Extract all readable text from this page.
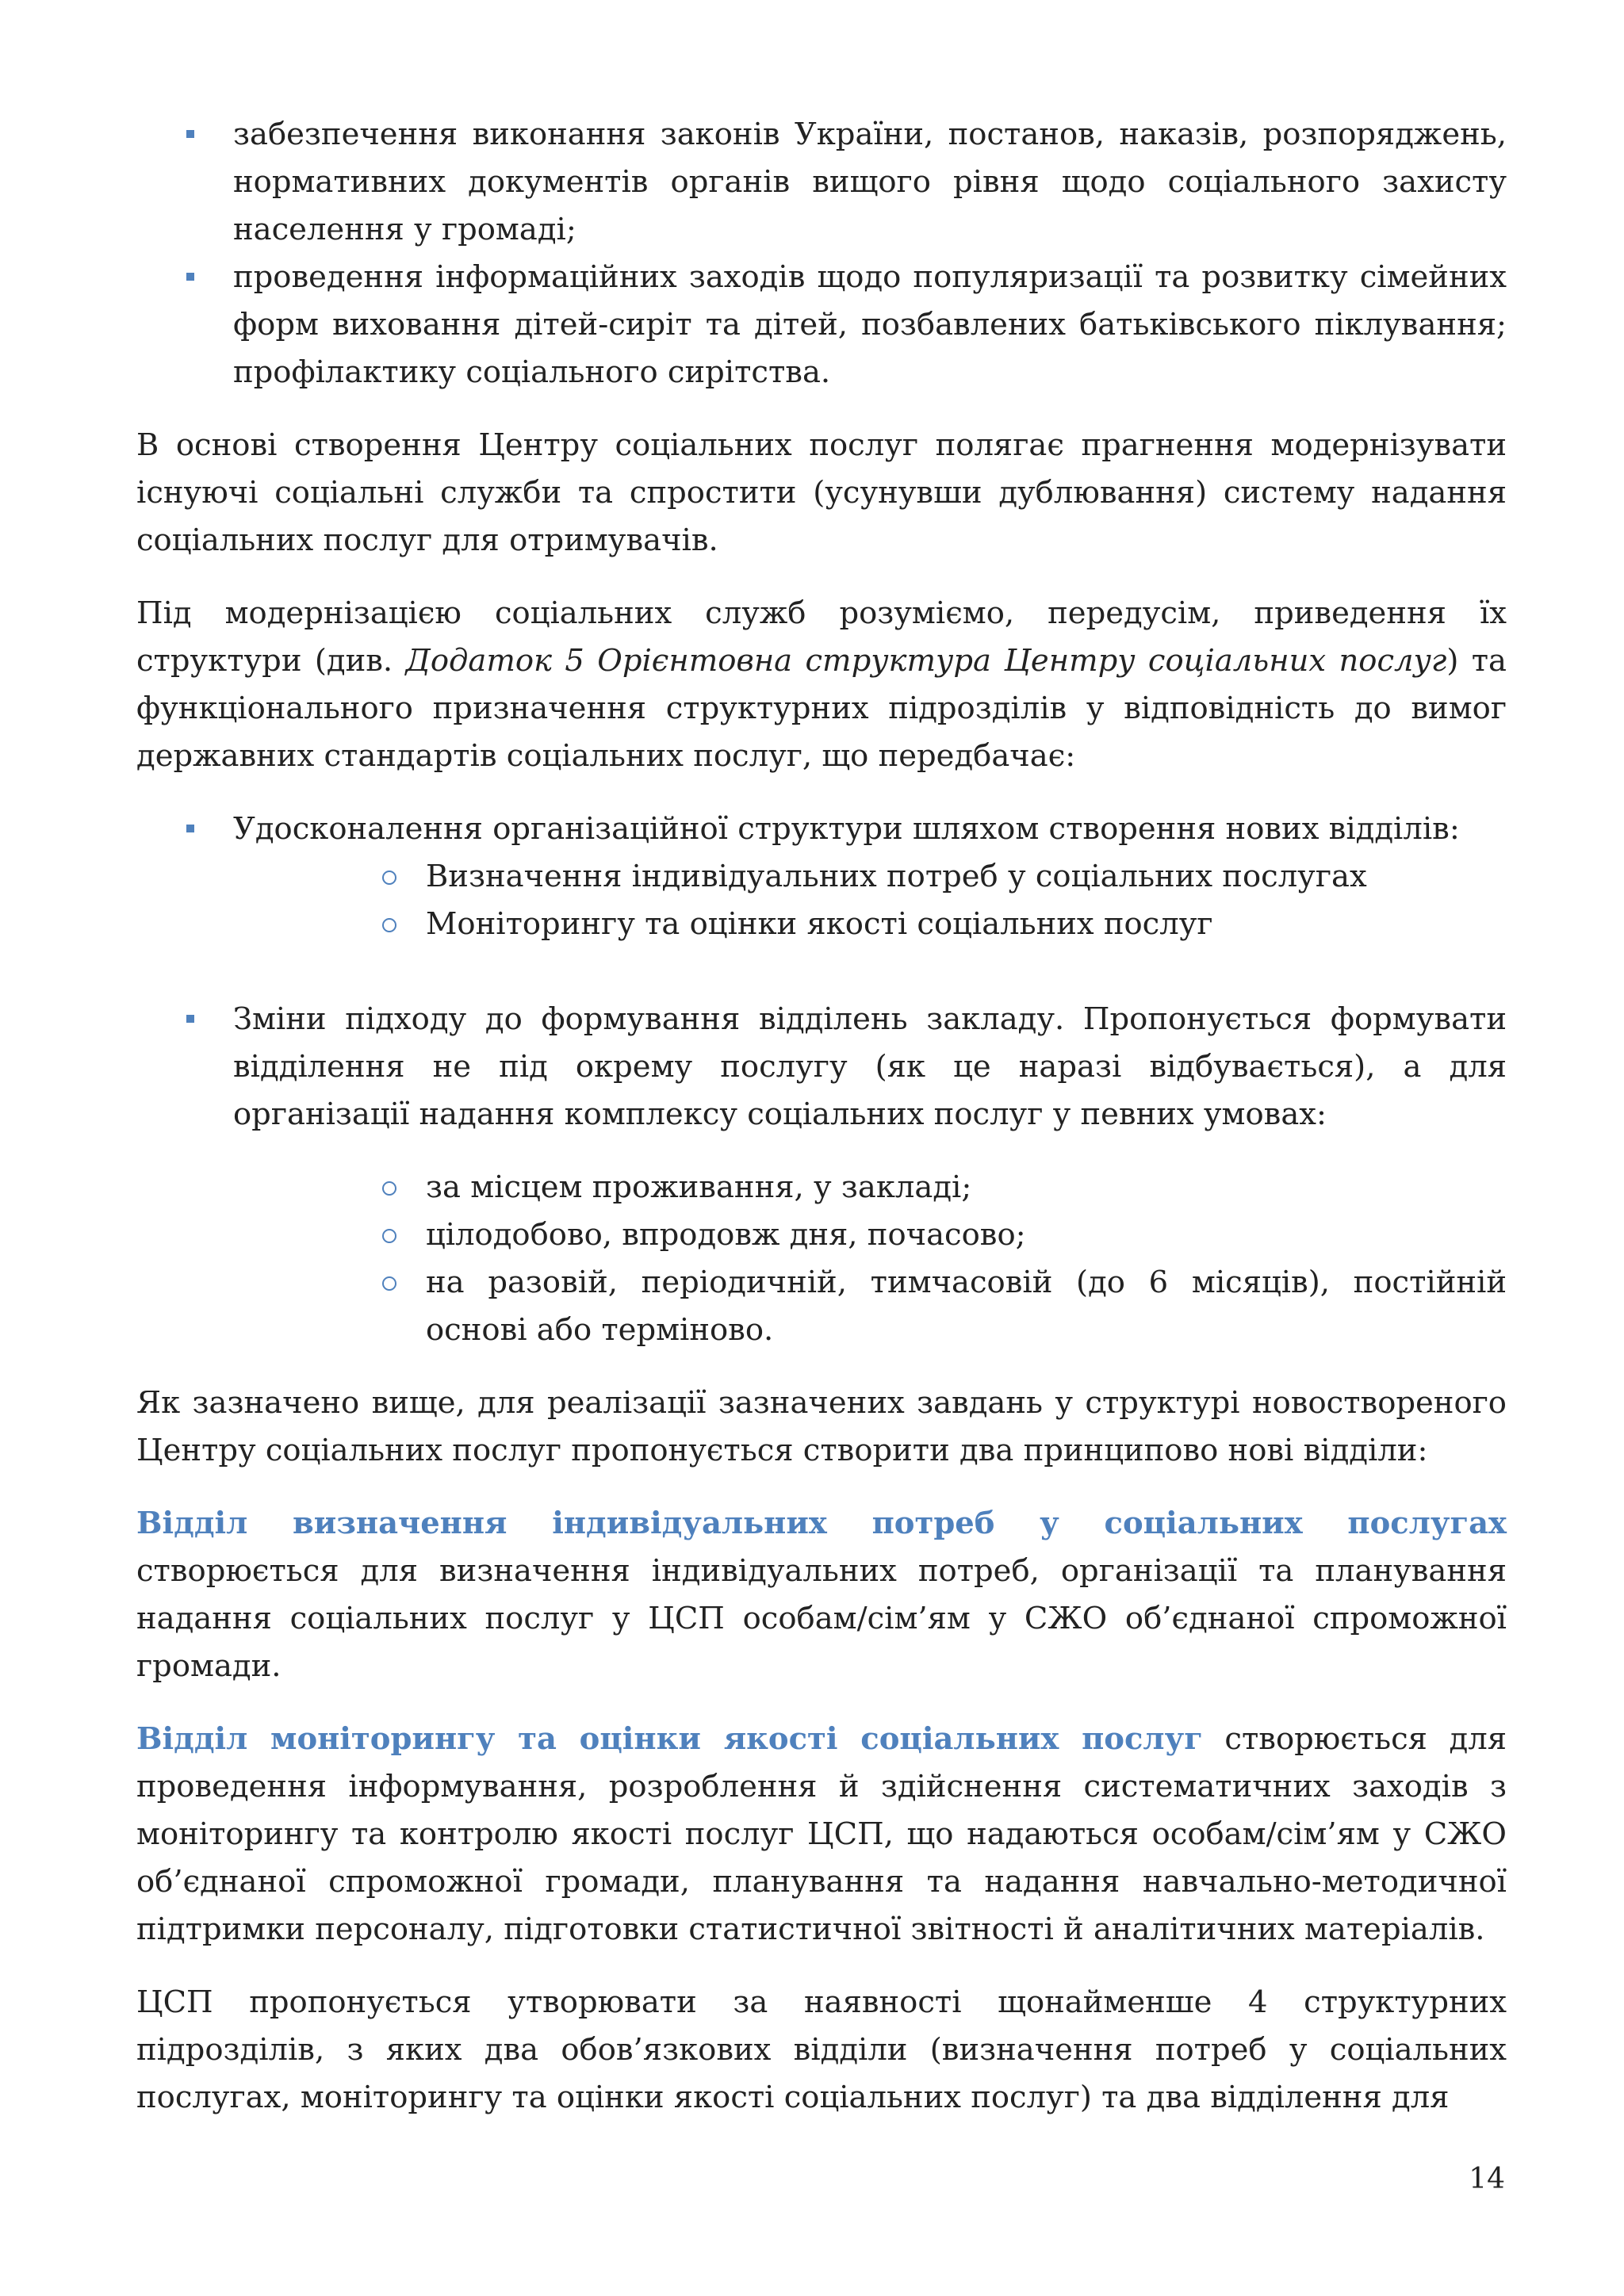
забезпечення виконання законів України, постанов, наказів, розпоряджень, нормативних документів органів вищого рівня щодо соціального захисту населення у громаді;
проведення інформаційних заходів щодо популяризації та розвитку сімейних форм виховання дітей-сиріт та дітей, позбавлених батьківського піклування; профілактику соціального сирітства.

В основі створення Центру соціальних послуг полягає прагнення модернізувати існуючі соціальні служби та спростити (усунувши дублювання) систему надання соціальних послуг для отримувачів.

Під модернізацією соціальних служб розуміємо, передусім, приведення їх структури (див. Додаток 5 Орієнтовна структура Центру соціальних послуг) та функціонального призначення структурних підрозділів у відповідність до вимог державних стандартів соціальних послуг, що передбачає:

Удосконалення організаційної структури шляхом створення нових відділів:
Визначення індивідуальних потреб у соціальних послугах
Моніторингу та оцінки якості соціальних послуг
Зміни підходу до формування відділень закладу. Пропонується формувати відділення не під окрему послугу (як це наразі відбувається), а для організації надання комплексу соціальних послуг у певних умовах:
за місцем проживання, у закладі;
цілодобово, впродовж дня, почасово;
на разовій, періодичній, тимчасовій (до 6 місяців), постійній основі або терміново.

Як зазначено вище, для реалізації зазначених завдань у структурі новоствореного Центру соціальних послуг пропонується створити два принципово нові відділи:

Відділ визначення індивідуальних потреб у соціальних послугах створюється для визначення індивідуальних потреб, організації та планування надання соціальних послуг у ЦСП особам/сім’ям у СЖО об’єднаної спроможної громади.

Відділ моніторингу та оцінки якості соціальних послуг створюється для проведення інформування, розроблення й здійснення систематичних заходів з моніторингу та контролю якості послуг ЦСП, що надаються особам/сім’ям у СЖО об’єднаної спроможної громади, планування та надання навчально-методичної підтримки персоналу, підготовки статистичної звітності й аналітичних матеріалів.

ЦСП пропонується утворювати за наявності щонайменше 4 структурних підрозділів, з яких два обов’язкових відділи (визначення потреб у соціальних послугах, моніторингу та оцінки якості соціальних послуг) та два відділення для

14
